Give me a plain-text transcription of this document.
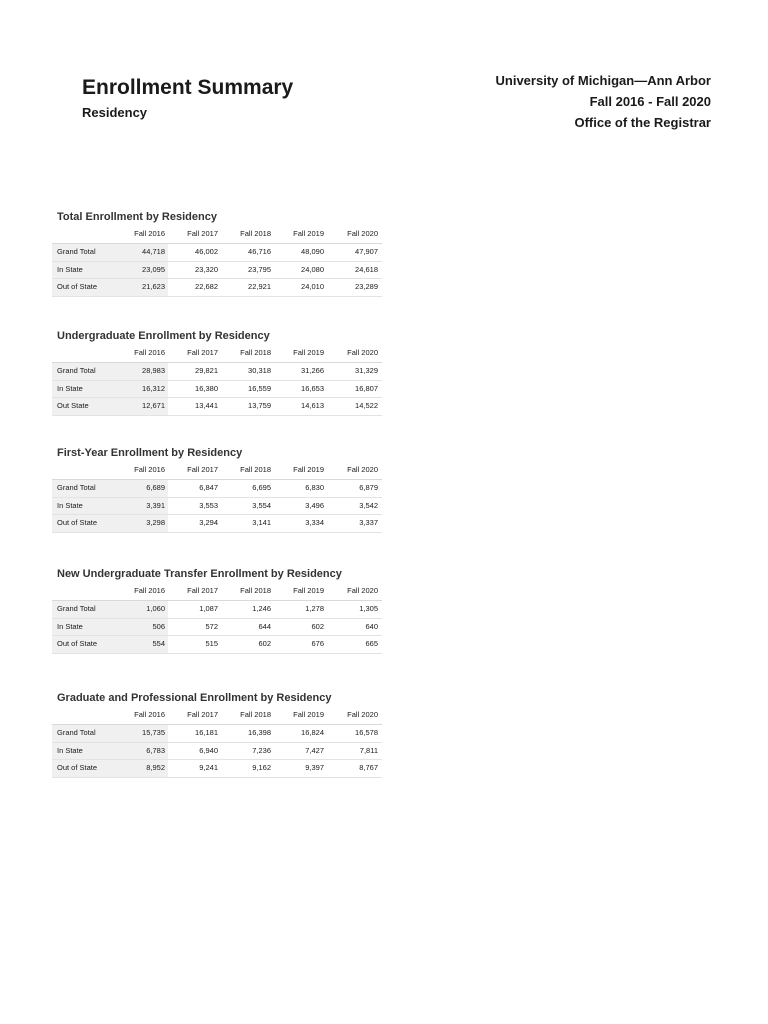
Enrollment Summary
Residency
University of Michigan—Ann Arbor
Fall 2016 - Fall 2020
Office of the Registrar
Total Enrollment by Residency
Fall 2016	Fall 2017	Fall 2018	Fall 2019	Fall 2020
Grand Total	44,718	46,002	46,716	48,090	47,907
In State	23,095	23,320	23,795	24,080	24,618
Out of State	21,623	22,682	22,921	24,010	23,289
Undergraduate Enrollment by Residency
Fall 2016	Fall 2017	Fall 2018	Fall 2019	Fall 2020
Grand Total	28,983	29,821	30,318	31,266	31,329
In State	16,312	16,380	16,559	16,653	16,807
Out State	12,671	13,441	13,759	14,613	14,522
First-Year Enrollment by Residency
Fall 2016	Fall 2017	Fall 2018	Fall 2019	Fall 2020
Grand Total	6,689	6,847	6,695	6,830	6,879
In State	3,391	3,553	3,554	3,496	3,542
Out of State	3,298	3,294	3,141	3,334	3,337
New Undergraduate Transfer Enrollment by Residency
Fall 2016	Fall 2017	Fall 2018	Fall 2019	Fall 2020
Grand Total	1,060	1,087	1,246	1,278	1,305
In State	506	572	644	602	640
Out of State	554	515	602	676	665
Graduate and Professional Enrollment by Residency
Fall 2016	Fall 2017	Fall 2018	Fall 2019	Fall 2020
Grand Total	15,735	16,181	16,398	16,824	16,578
In State	6,783	6,940	7,236	7,427	7,811
Out of State	8,952	9,241	9,162	9,397	8,767
